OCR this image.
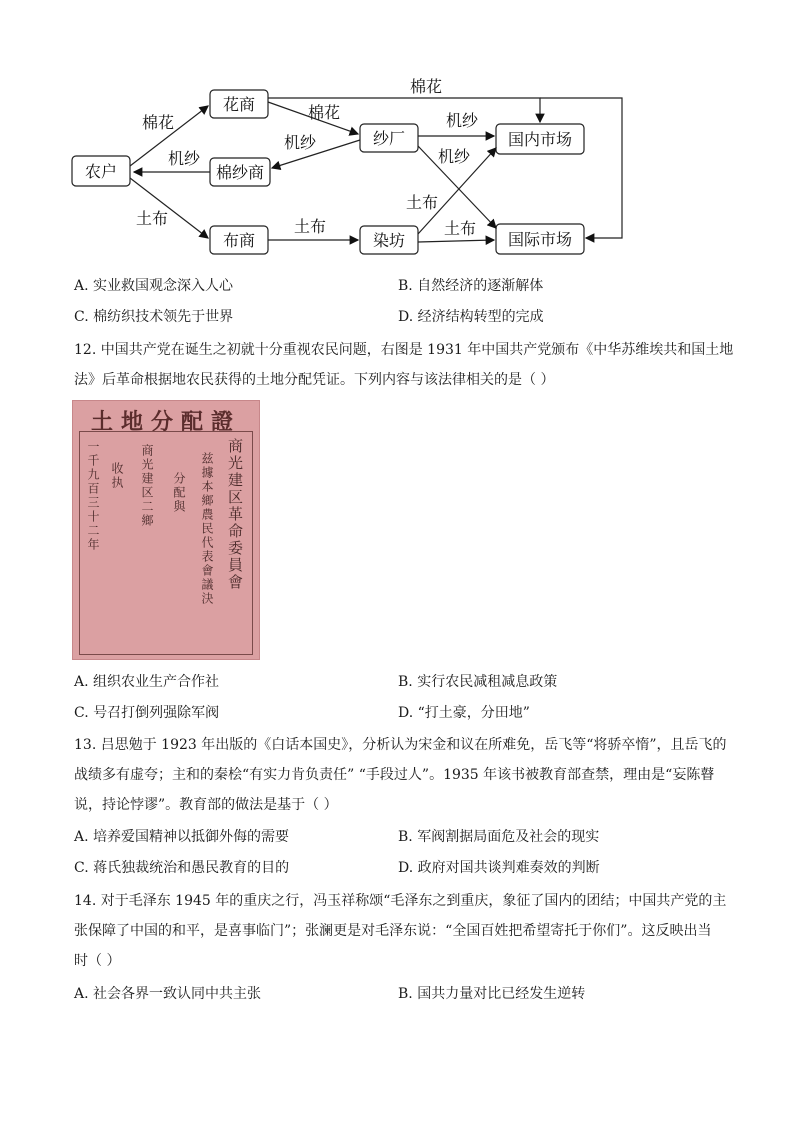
农户
花商
棉纱商
布商
纱厂
染坊
国内市场
国际市场
棉花
棉花
棉花
机纱
机纱
机纱
机纱
土布	土布
土布
土布
A. 实业救国观念深入人心	B. 自然经济的逐渐解体
C. 棉纺织技术领先于世界	D. 经济结构转型的完成
12. 中国共产党在诞生之初就十分重视农民问题，右图是 1931 年中国共产党颁布《中华苏维埃共和国土地
法》后革命根据地农民获得的土地分配凭证。下列内容与该法律相关的是（ ）
土地分配證
商光建区革命委員會
兹據本鄉農民代表會議決
分配與
商光建区二鄉
一千九百三十二年 收执
A. 组织农业生产合作社	B. 实行农民减租减息政策
C. 号召打倒列强除军阀	D. “打土豪，分田地”
13. 吕思勉于 1923 年出版的《白话本国史》，分析认为宋金和议在所难免，岳飞等“将骄卒惰”，且岳飞的
战绩多有虚夸；主和的秦桧“有实力肯负责任” “手段过人”。1935 年该书被教育部查禁，理由是“妄陈瞽
说，持论悖谬”。教育部的做法是基于（ ）
A. 培养爱国精神以抵御外侮的需要	B. 军阀割据局面危及社会的现实
C. 蒋氏独裁统治和愚民教育的目的	D. 政府对国共谈判难奏效的判断
14. 对于毛泽东 1945 年的重庆之行，冯玉祥称颂“毛泽东之到重庆，象征了国内的团结；中国共产党的主
张保障了中国的和平，是喜事临门”；张澜更是对毛泽东说：“全国百姓把希望寄托于你们”。这反映出当
时（ ）
A. 社会各界一致认同中共主张	B. 国共力量对比已经发生逆转
